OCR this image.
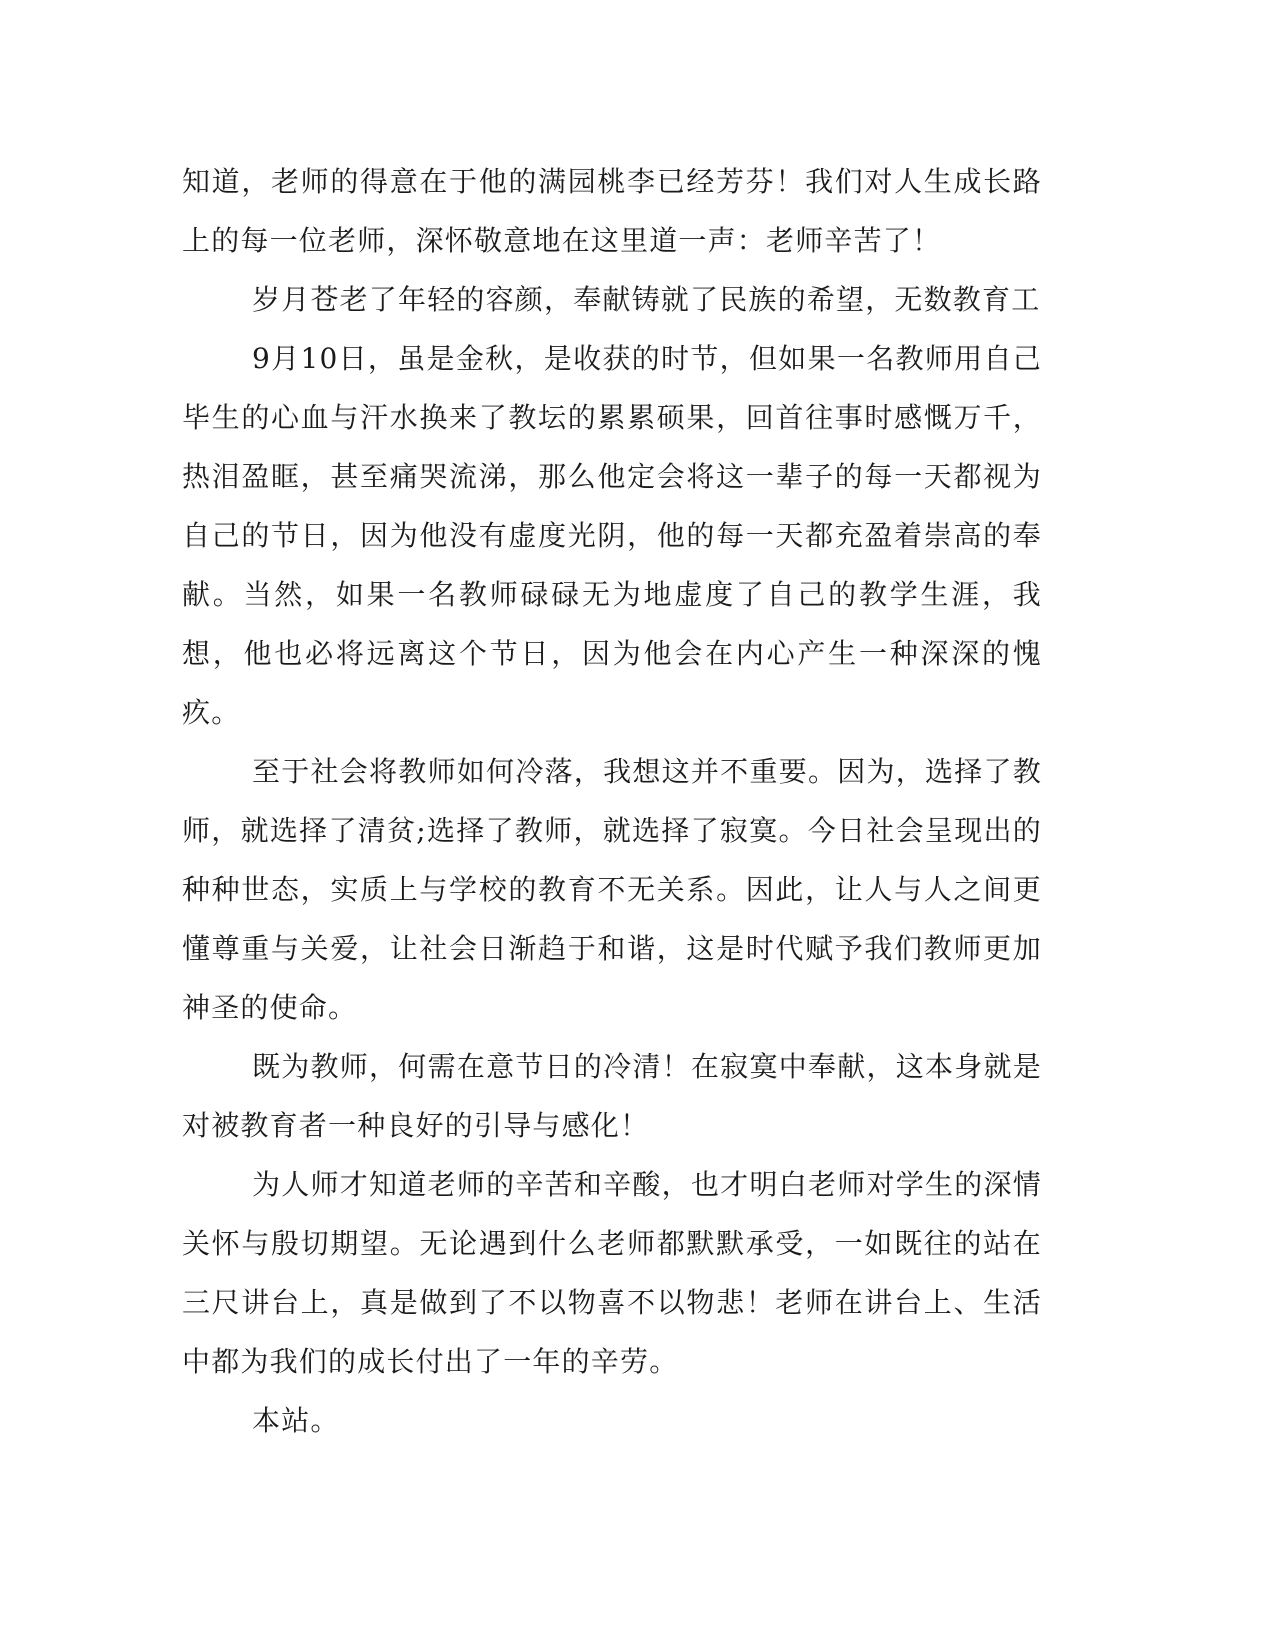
知道，老师的得意在于他的满园桃李已经芳芬！我们对人生成长路上的每一位老师，深怀敬意地在这里道一声：老师辛苦了！

岁月苍老了年轻的容颜，奉献铸就了民族的希望，无数教育工

9月10日，虽是金秋，是收获的时节，但如果一名教师用自己毕生的心血与汗水换来了教坛的累累硕果，回首往事时感慨万千，热泪盈眶，甚至痛哭流涕，那么他定会将这一辈子的每一天都视为自己的节日，因为他没有虚度光阴，他的每一天都充盈着崇高的奉献。当然，如果一名教师碌碌无为地虚度了自己的教学生涯，我想，他也必将远离这个节日，因为他会在内心产生一种深深的愧疚。

至于社会将教师如何冷落，我想这并不重要。因为，选择了教师，就选择了清贫;选择了教师，就选择了寂寞。今日社会呈现出的种种世态，实质上与学校的教育不无关系。因此，让人与人之间更懂尊重与关爱，让社会日渐趋于和谐，这是时代赋予我们教师更加神圣的使命。

既为教师，何需在意节日的冷清！在寂寞中奉献，这本身就是对被教育者一种良好的引导与感化！

为人师才知道老师的辛苦和辛酸，也才明白老师对学生的深情关怀与殷切期望。无论遇到什么老师都默默承受，一如既往的站在三尺讲台上，真是做到了不以物喜不以物悲！老师在讲台上、生活中都为我们的成长付出了一年的辛劳。

本站。
